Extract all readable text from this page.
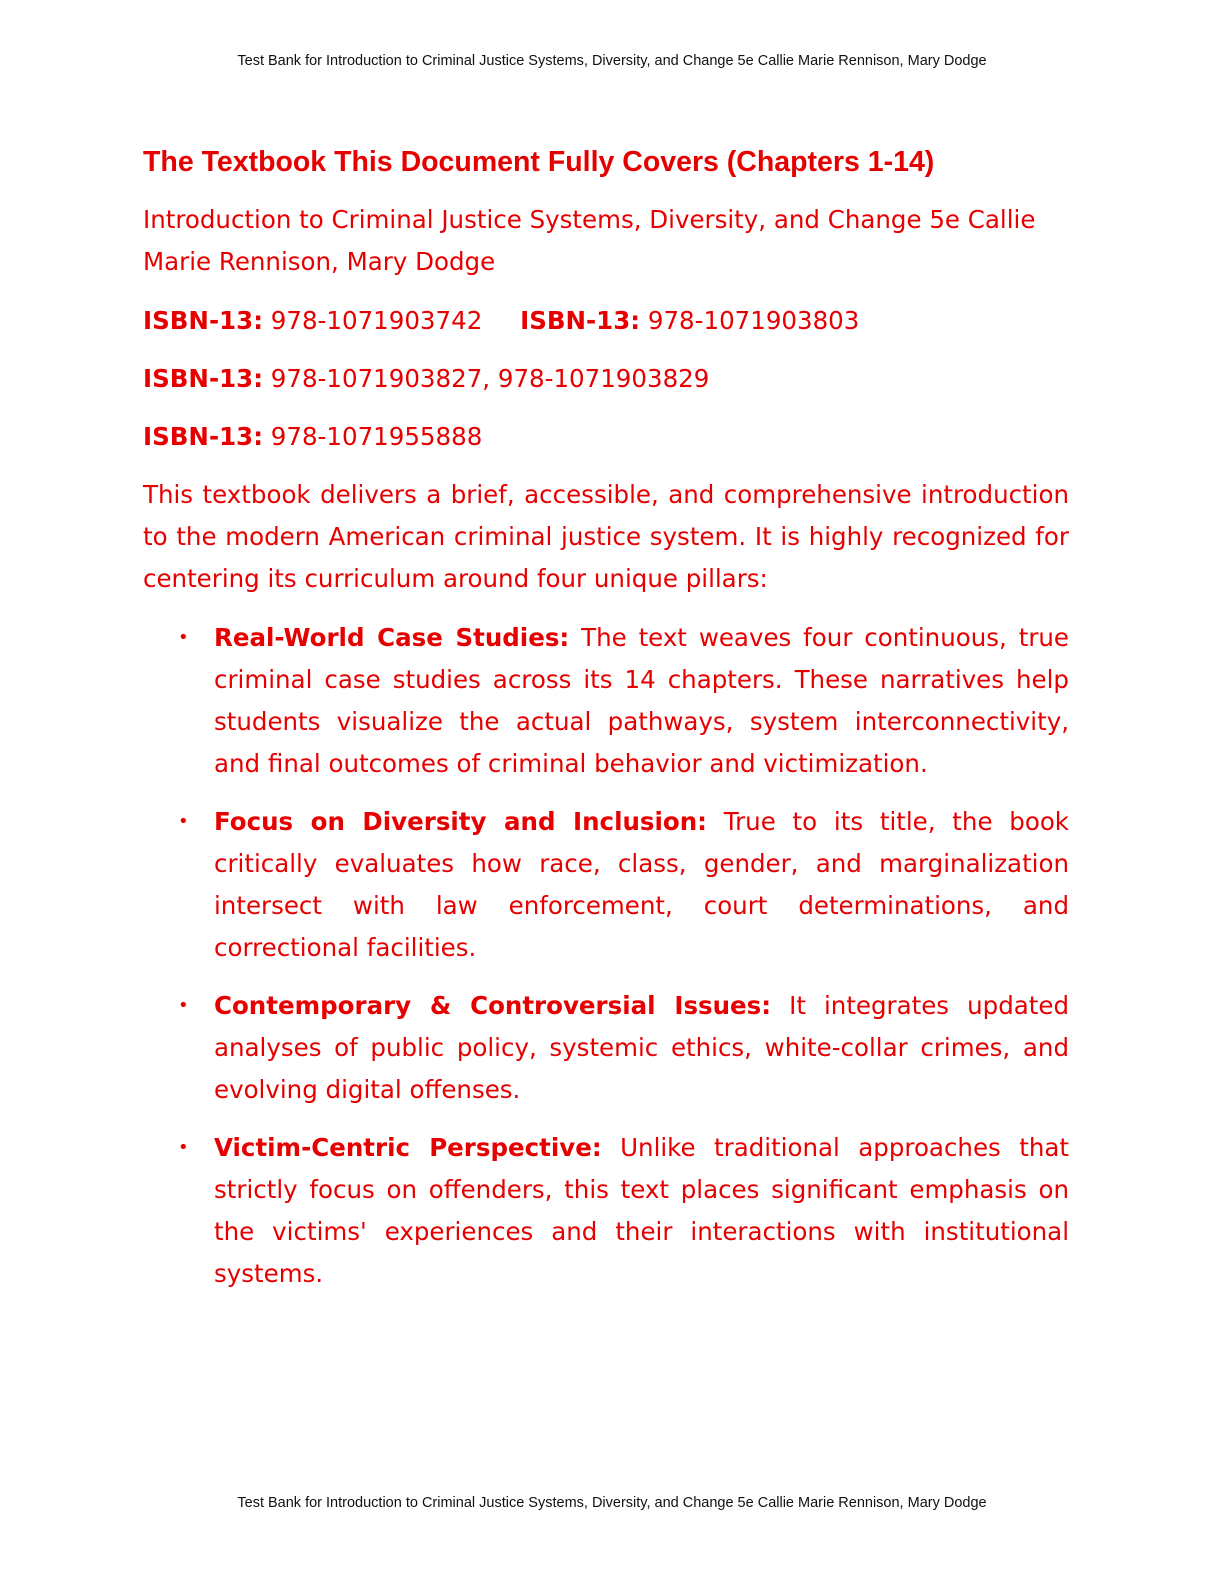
Test Bank for Introduction to Criminal Justice Systems, Diversity, and Change 5e Callie Marie Rennison, Mary Dodge
The Textbook This Document Fully Covers (Chapters 1-14)

Introduction to Criminal Justice Systems, Diversity, and Change 5e Callie Marie Rennison, Mary Dodge

ISBN-13: 978-1071903742 ISBN-13: 978-1071903803
ISBN-13: 978-1071903827, 978-1071903829
ISBN-13: 978-1071955888

This textbook delivers a brief, accessible, and comprehensive introduction to the modern American criminal justice system. It is highly recognized for centering its curriculum around four unique pillars:

• Real-World Case Studies: The text weaves four continuous, true criminal case studies across its 14 chapters. These narratives help students visualize the actual pathways, system interconnectivity, and final outcomes of criminal behavior and victimization.
• Focus on Diversity and Inclusion: True to its title, the book critically evaluates how race, class, gender, and marginalization intersect with law enforcement, court determinations, and correctional facilities.
• Contemporary & Controversial Issues: It integrates updated analyses of public policy, systemic ethics, white-collar crimes, and evolving digital offenses.
• Victim-Centric Perspective: Unlike traditional approaches that strictly focus on offenders, this text places significant emphasis on the victims' experiences and their interactions with institutional systems.
Test Bank for Introduction to Criminal Justice Systems, Diversity, and Change 5e Callie Marie Rennison, Mary Dodge
